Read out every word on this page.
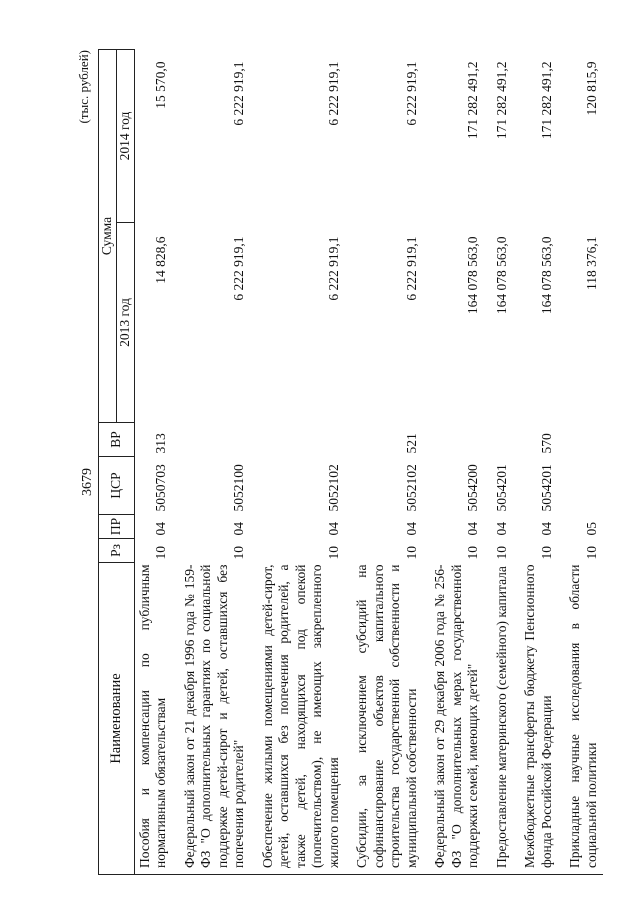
3679
(тыс. рублей)
Наименование	Рз	ПР	ЦСР	ВР	Сумма	
					2013 год	2014 год
Пособия и компенсации по публичным нормативным обязательствам	10	04	5050703	313	14 828,6	15 570,0
Федеральный закон от 21 декабря 1996 года № 159-ФЗ "О дополнительных гарантиях по социальной поддержке детей-сирот и детей, оставшихся без попечения родителей"	10	04	5052100		6 222 919,1	6 222 919,1
Обеспечение жилыми помещениями детей-сирот, детей, оставшихся без попечения родителей, а также детей, находящихся под опекой (попечительством), не имеющих закрепленного жилого помещения	10	04	5052102		6 222 919,1	6 222 919,1
Субсидии, за исключением субсидий на софинансирование объектов капитального строительства государственной собственности и муниципальной собственности	10	04	5052102	521	6 222 919,1	6 222 919,1
Федеральный закон от 29 декабря 2006 года № 256-ФЗ "О дополнительных мерах государственной поддержки семей, имеющих детей"	10	04	5054200		164 078 563,0	171 282 491,2
Предоставление материнского (семейного) капитала	10	04	5054201		164 078 563,0	171 282 491,2
Межбюджетные трансферты бюджету Пенсионного фонда Российской Федерации	10	04	5054201	570	164 078 563,0	171 282 491,2
Прикладные научные исследования в области социальной политики	10	05			118 376,1	120 815,9
